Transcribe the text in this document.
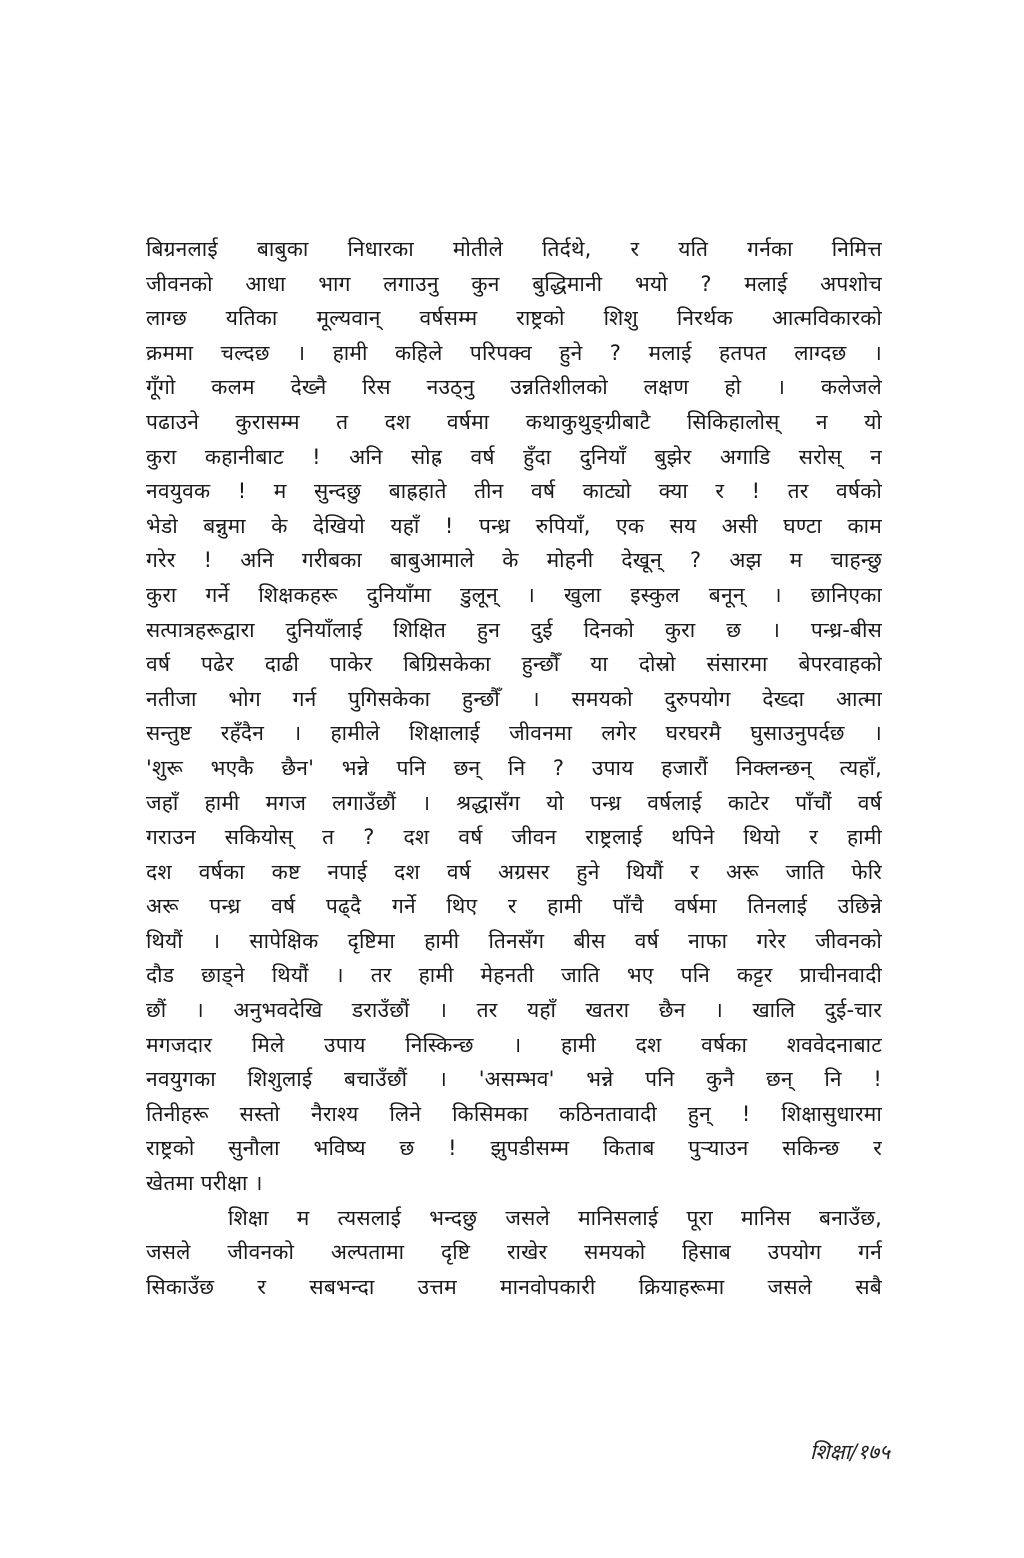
बिग्रनलाई बाबुका निधारका मोतीले तिर्दथे, र यति गर्नका निमित्त
जीवनको आधा भाग लगाउनु कुन बुद्धिमानी भयो ? मलाई अपशोच
लाग्छ यतिका मूल्यवान् वर्षसम्म राष्ट्रको शिशु निरर्थक आत्मविकारको
क्रममा चल्दछ । हामी कहिले परिपक्व हुने ? मलाई हतपत लाग्दछ ।
गूँगो कलम देख्नै रिस नउठ्नु उन्नतिशीलको लक्षण हो । कलेजले
पढाउने कुरासम्म त दश वर्षमा कथाकुथुङ्ग्रीबाटै सिकिहालोस् न यो
कुरा कहानीबाट ! अनि सोह्र वर्ष हुँदा दुनियाँ बुझेर अगाडि सरोस् न
नवयुवक ! म सुन्दछु बाह्रहाते तीन वर्ष काट्यो क्या र ! तर वर्षको
भेडो बन्नुमा के देखियो यहाँ ! पन्ध्र रुपियाँ, एक सय असी घण्टा काम
गरेर ! अनि गरीबका बाबुआमाले के मोहनी देखून् ? अझ म चाहन्छु
कुरा गर्ने शिक्षकहरू दुनियाँमा डुलून् । खुला इस्कुल बनून् । छानिएका
सत्पात्रहरूद्वारा दुनियाँलाई शिक्षित हुन दुई दिनको कुरा छ । पन्ध्र-बीस
वर्ष पढेर दाढी पाकेर बिग्रिसकेका हुन्छौँ या दोस्रो संसारमा बेपरवाहको
नतीजा भोग गर्न पुगिसकेका हुन्छौँ । समयको दुरुपयोग देख्दा आत्मा
सन्तुष्ट रहँदैन । हामीले शिक्षालाई जीवनमा लगेर घरघरमै घुसाउनुपर्दछ ।
'शुरू भएकै छैन' भन्ने पनि छन् नि ? उपाय हजारौं निक्लन्छन् त्यहाँ,
जहाँ हामी मगज लगाउँछौं । श्रद्धासँग यो पन्ध्र वर्षलाई काटेर पाँचौं वर्ष
गराउन सकियोस् त ? दश वर्ष जीवन राष्ट्रलाई थपिने थियो र हामी
दश वर्षका कष्ट नपाई दश वर्ष अग्रसर हुने थियौं र अरू जाति फेरि
अरू पन्ध्र वर्ष पढ्दै गर्ने थिए र हामी पाँचै वर्षमा तिनलाई उछिन्ने
थियौं । सापेक्षिक दृष्टिमा हामी तिनसँग बीस वर्ष नाफा गरेर जीवनको
दौड छाड्ने थियौं । तर हामी मेहनती जाति भए पनि कट्टर प्राचीनवादी
छौं । अनुभवदेखि डराउँछौं । तर यहाँ खतरा छैन । खालि दुई-चार
मगजदार मिले उपाय निस्किन्छ । हामी दश वर्षका शववेदनाबाट
नवयुगका शिशुलाई बचाउँछौं । 'असम्भव' भन्ने पनि कुनै छन् नि !
तिनीहरू सस्तो नैराश्य लिने किसिमका कठिनतावादी हुन् ! शिक्षासुधारमा
राष्ट्रको सुनौला भविष्य छ ! झुपडीसम्म किताब पुऱ्याउन सकिन्छ र
खेतमा परीक्षा ।
शिक्षा म त्यसलाई भन्दछु जसले मानिसलाई पूरा मानिस बनाउँछ,
जसले जीवनको अल्पतामा दृष्टि राखेर समयको हिसाब उपयोग गर्न
सिकाउँछ र सबभन्दा उत्तम मानवोपकारी क्रियाहरूमा जसले सबै
शिक्षा/१७५
